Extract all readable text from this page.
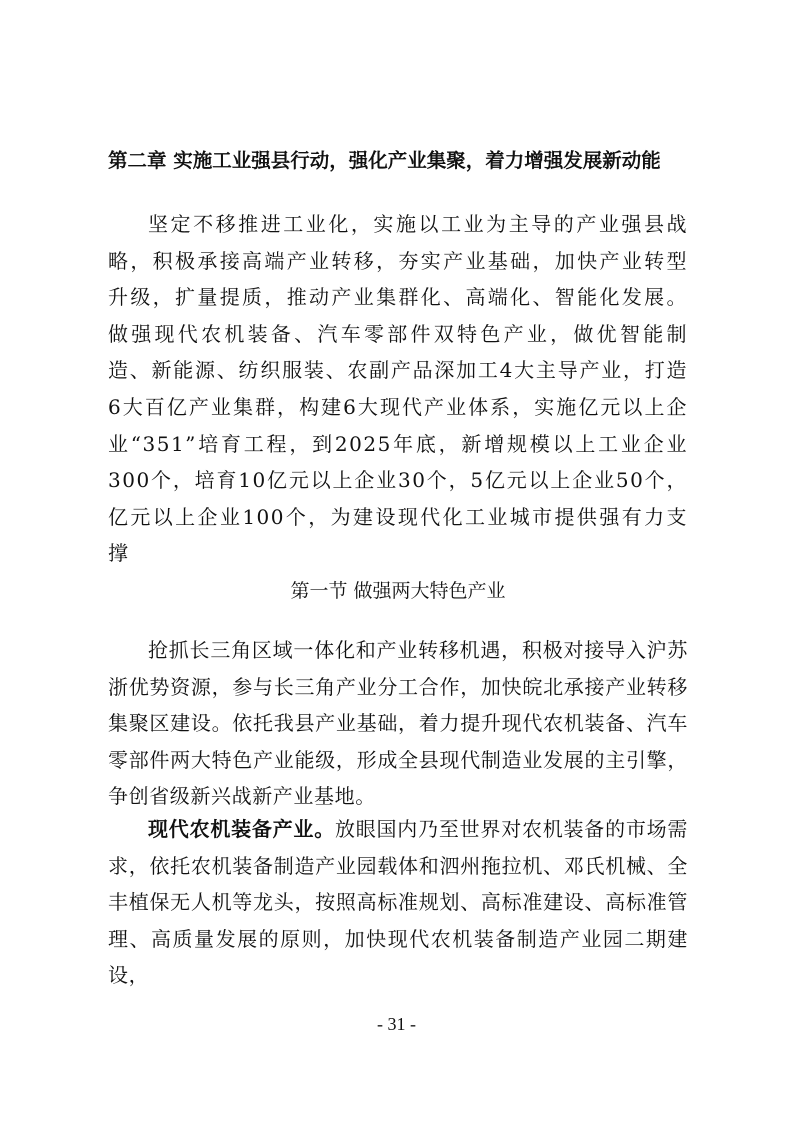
第二章 实施工业强县行动，强化产业集聚，着力增强发展新动能

坚定不移推进工业化，实施以工业为主导的产业强县战略，积极承接高端产业转移，夯实产业基础，加快产业转型升级，扩量提质，推动产业集群化、高端化、智能化发展。做强现代农机装备、汽车零部件双特色产业，做优智能制造、新能源、纺织服装、农副产品深加工4大主导产业，打造6大百亿产业集群，构建6大现代产业体系，实施亿元以上企业“351”培育工程，到2025年底，新增规模以上工业企业300个，培育10亿元以上企业30个，5亿元以上企业50个，亿元以上企业100个，为建设现代化工业城市提供强有力支撑

第一节 做强两大特色产业

抢抓长三角区域一体化和产业转移机遇，积极对接导入沪苏浙优势资源，参与长三角产业分工合作，加快皖北承接产业转移集聚区建设。依托我县产业基础，着力提升现代农机装备、汽车零部件两大特色产业能级，形成全县现代制造业发展的主引擎，争创省级新兴战新产业基地。

现代农机装备产业。放眼国内乃至世界对农机装备的市场需求，依托农机装备制造产业园载体和泗州拖拉机、邓氏机械、全丰植保无人机等龙头，按照高标准规划、高标准建设、高标准管理、高质量发展的原则，加快现代农机装备制造产业园二期建设，

- 31 -
